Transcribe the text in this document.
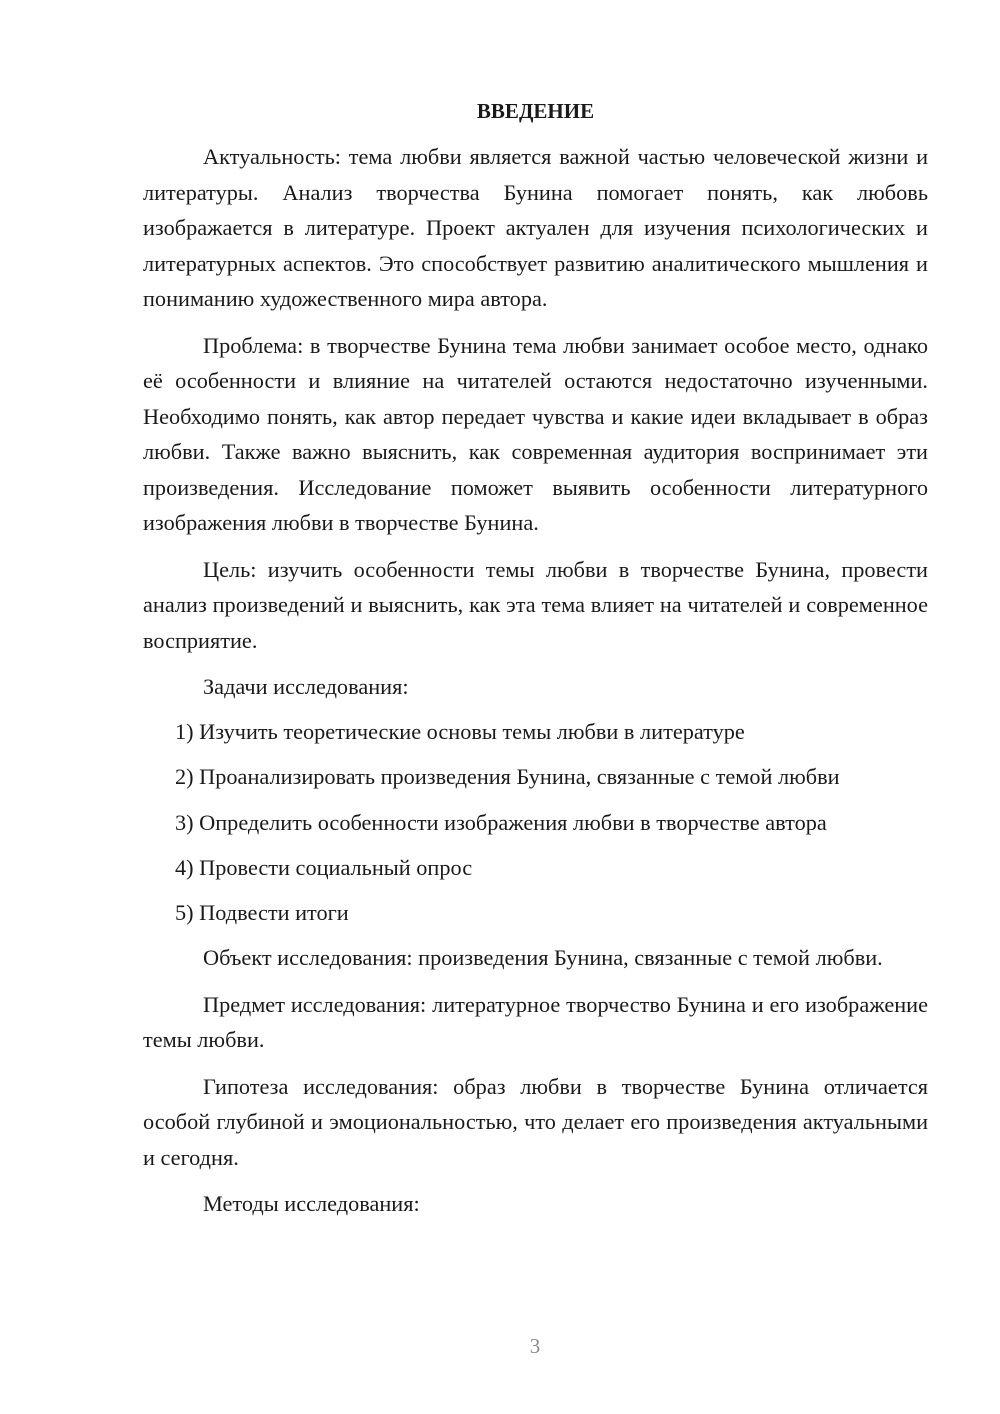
ВВЕДЕНИЕ

Актуальность: тема любви является важной частью человеческой жизни и литературы. Анализ творчества Бунина помогает понять, как любовь изображается в литературе. Проект актуален для изучения психологических и литературных аспектов. Это способствует развитию аналитического мышления и пониманию художественного мира автора.

Проблема: в творчестве Бунина тема любви занимает особое место, однако её особенности и влияние на читателей остаются недостаточно изученными. Необходимо понять, как автор передает чувства и какие идеи вкладывает в образ любви. Также важно выяснить, как современная аудитория воспринимает эти произведения. Исследование поможет выявить особенности литературного изображения любви в творчестве Бунина.

Цель: изучить особенности темы любви в творчестве Бунина, провести анализ произведений и выяснить, как эта тема влияет на читателей и современное восприятие.

Задачи исследования:

1) Изучить теоретические основы темы любви в литературе
2) Проанализировать произведения Бунина, связанные с темой любви
3) Определить особенности изображения любви в творчестве автора
4) Провести социальный опрос
5) Подвести итоги

Объект исследования: произведения Бунина, связанные с темой любви.

Предмет исследования: литературное творчество Бунина и его изображение темы любви.

Гипотеза исследования: образ любви в творчестве Бунина отличается особой глубиной и эмоциональностью, что делает его произведения актуальными и сегодня.

Методы исследования:

3
